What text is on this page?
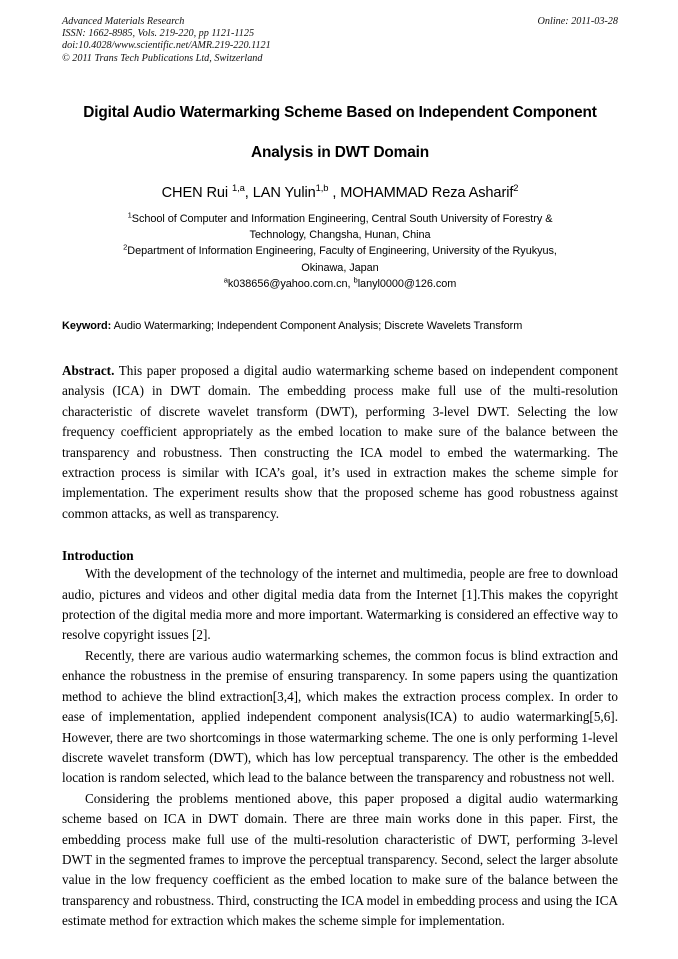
Advanced Materials Research
ISSN: 1662-8985, Vols. 219-220, pp 1121-1125
doi:10.4028/www.scientific.net/AMR.219-220.1121
© 2011 Trans Tech Publications Ltd, Switzerland
Online: 2011-03-28
Digital Audio Watermarking Scheme Based on Independent Component
Analysis in DWT Domain
CHEN Rui $^{1,a}$, LAN Yulin$^{1,b}$ , MOHAMMAD Reza Asharif$^2$
$^1$School of Computer and Information Engineering, Central South University of Forestry &
Technology, Changsha, Hunan, China
$^2$Department of Information Engineering, Faculty of Engineering, University of the Ryukyus,
Okinawa, Japan
$^a$k038656@yahoo.com.cn, $^b$lanyl0000@126.com
Keyword: Audio Watermarking; Independent Component Analysis; Discrete Wavelets Transform
Abstract. This paper proposed a digital audio watermarking scheme based on independent component analysis (ICA) in DWT domain. The embedding process make full use of the multi-resolution characteristic of discrete wavelet transform (DWT), performing 3-level DWT. Selecting the low frequency coefficient appropriately as the embed location to make sure of the balance between the transparency and robustness. Then constructing the ICA model to embed the watermarking. The extraction process is similar with ICA’s goal, it’s used in extraction makes the scheme simple for implementation. The experiment results show that the proposed scheme has good robustness against common attacks, as well as transparency.
Introduction
With the development of the technology of the internet and multimedia, people are free to download audio, pictures and videos and other digital media data from the Internet [1].This makes the copyright protection of the digital media more and more important. Watermarking is considered an effective way to resolve copyright issues [2].
Recently, there are various audio watermarking schemes, the common focus is blind extraction and enhance the robustness in the premise of ensuring transparency. In some papers using the quantization method to achieve the blind extraction[3,4], which makes the extraction process complex. In order to ease of implementation, applied independent component analysis(ICA) to audio watermarking[5,6]. However, there are two shortcomings in those watermarking scheme. The one is only performing 1-level discrete wavelet transform (DWT), which has low perceptual transparency. The other is the embedded location is random selected, which lead to the balance between the transparency and robustness not well.
Considering the problems mentioned above, this paper proposed a digital audio watermarking scheme based on ICA in DWT domain. There are three main works done in this paper. First, the embedding process make full use of the multi-resolution characteristic of DWT, performing 3-level DWT in the segmented frames to improve the perceptual transparency. Second, select the larger absolute value in the low frequency coefficient as the embed location to make sure of the balance between the transparency and robustness. Third, constructing the ICA model in embedding process and using the ICA estimate method for extraction which makes the scheme simple for implementation.
